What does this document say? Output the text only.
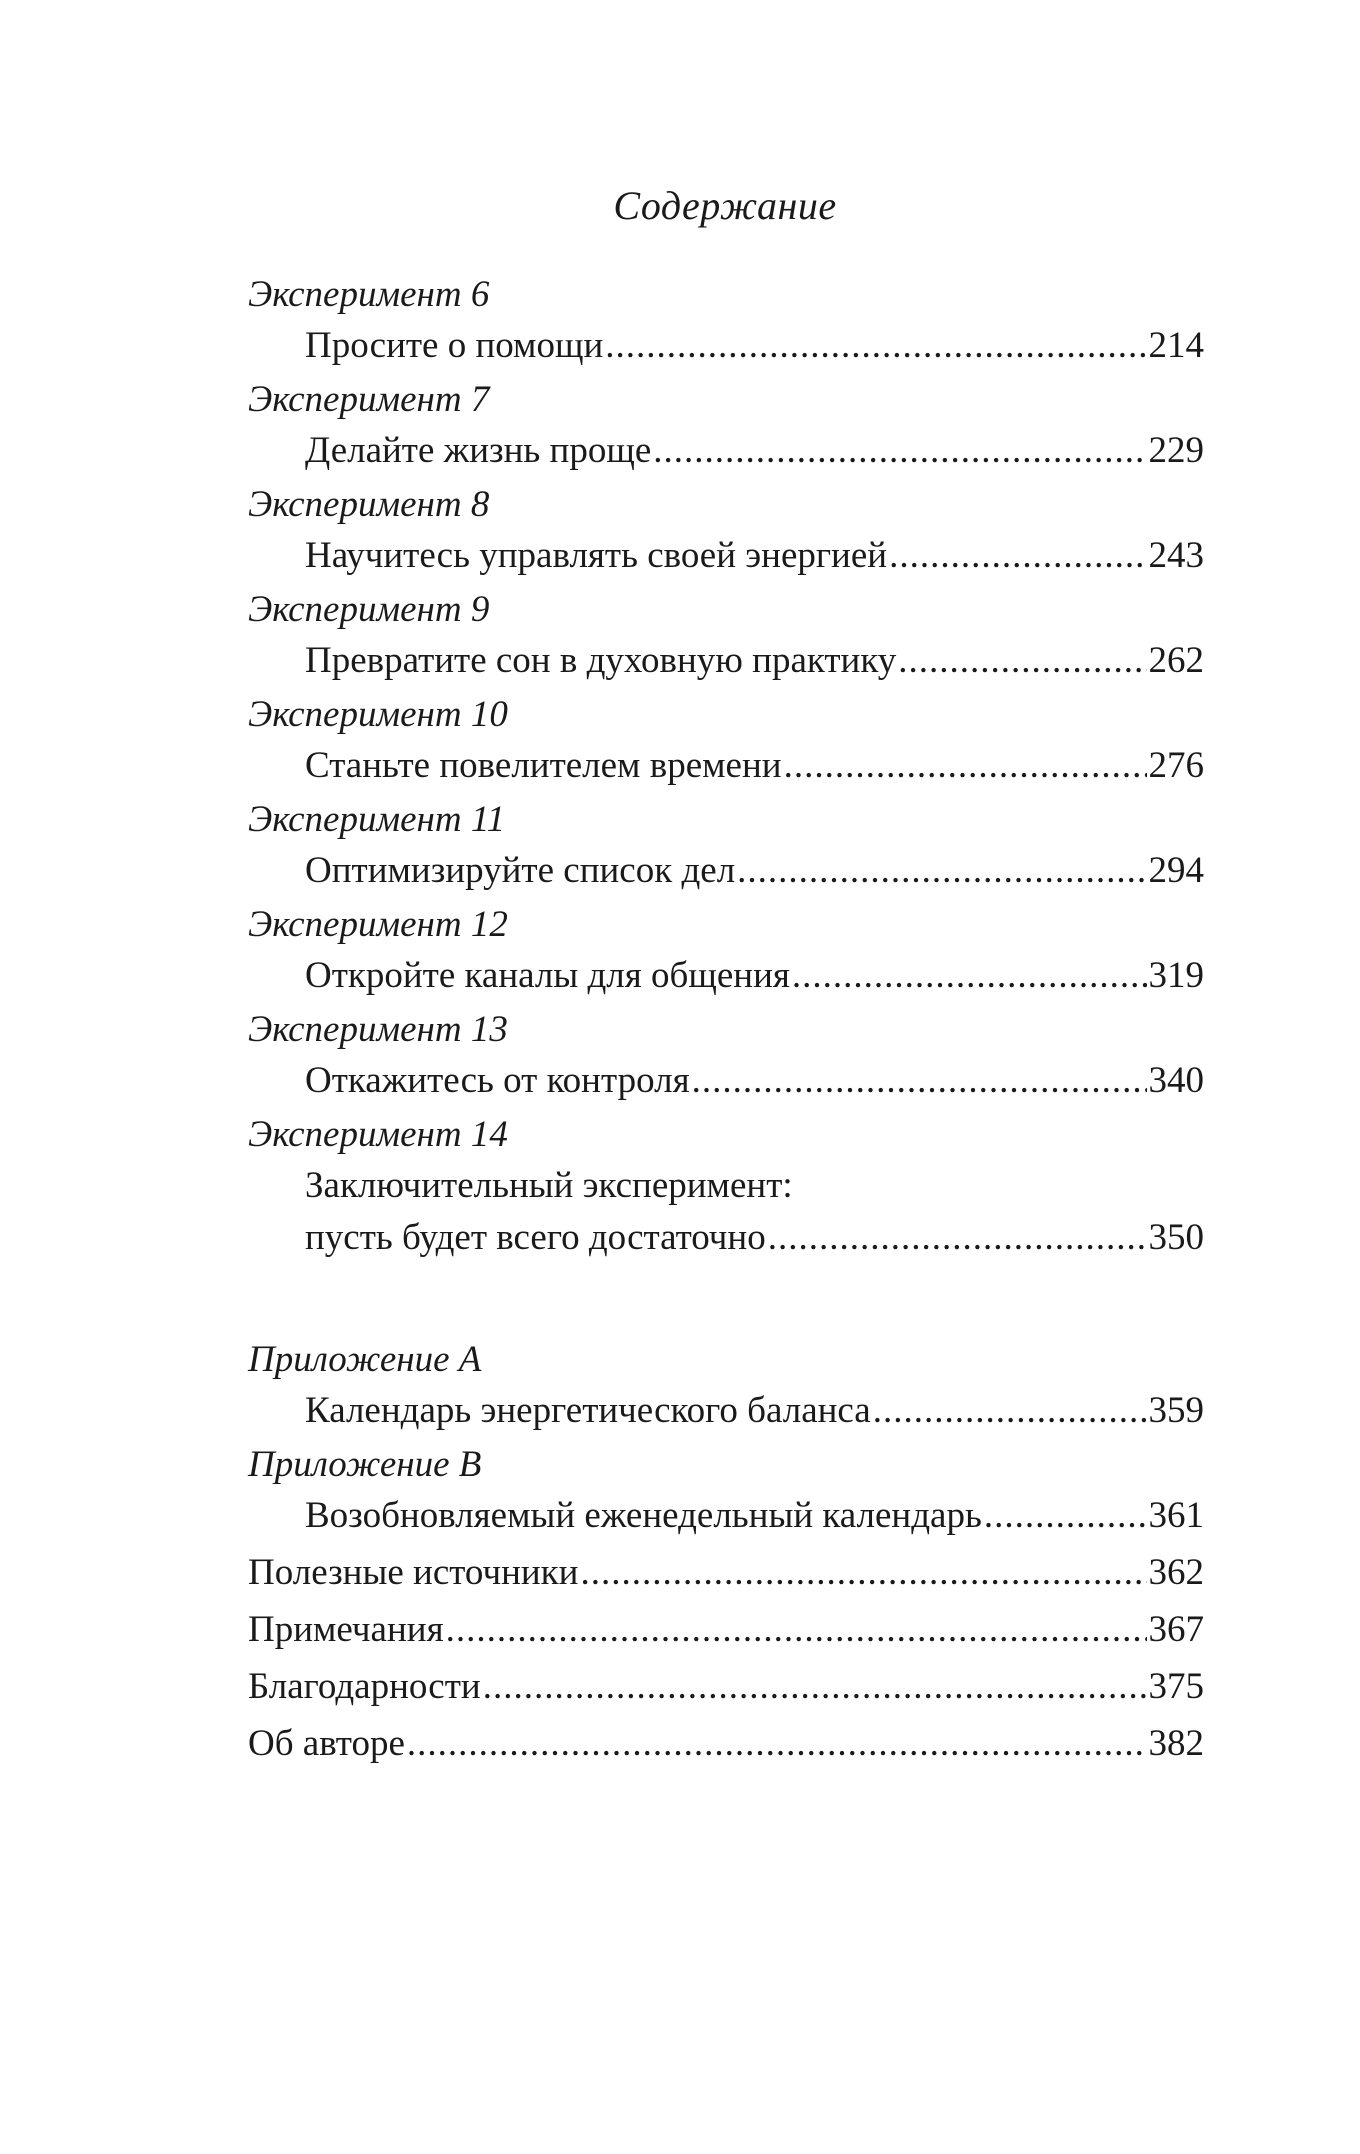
Содержание
Эксперимент 6
Просите о помощи .....	214
Эксперимент 7
Делайте жизнь проще .....	229
Эксперимент 8
Научитесь управлять своей энергией .....	243
Эксперимент 9
Превратите сон в духовную практику .....	262
Эксперимент 10
Станьте повелителем времени .....	276
Эксперимент 11
Оптимизируйте список дел .....	294
Эксперимент 12
Откройте каналы для общения .....	319
Эксперимент 13
Откажитесь от контроля .....	340
Эксперимент 14
Заключительный эксперимент:
пусть будет всего достаточно .....	350
Приложение A
Календарь энергетического баланса .....	359
Приложение B
Возобновляемый еженедельный календарь .....	361
Полезные источники .....	362
Примечания .....	367
Благодарности .....	375
Об авторе .....	382
